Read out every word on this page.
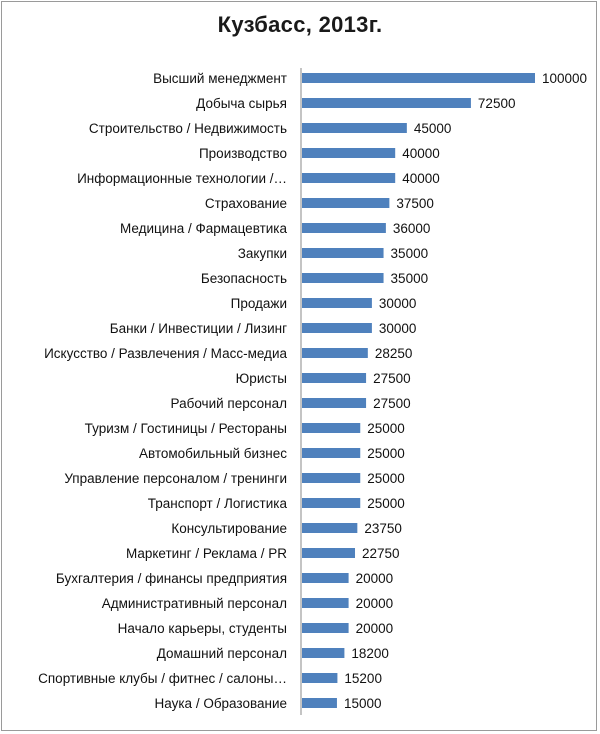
Кузбасс, 2013г.
Высший менеджмент	100000
Добыча сырья	72500
Строительство / Недвижимость	45000
Производство	40000
Информационные технологии /…	40000
Страхование	37500
Медицина / Фармацевтика	36000
Закупки	35000
Безопасность	35000
Продажи	30000
Банки / Инвестиции / Лизинг	30000
Искусство / Развлечения / Масс-медиа	28250
Юристы	27500
Рабочий персонал	27500
Туризм / Гостиницы / Рестораны	25000
Автомобильный бизнес	25000
Управление персоналом / тренинги	25000
Транспорт / Логистика	25000
Консультирование	23750
Маркетинг / Реклама / PR	22750
Бухгалтерия / финансы предприятия	20000
Административный персонал	20000
Начало карьеры, студенты	20000
Домашний персонал	18200
Спортивные клубы / фитнес / салоны…	15200
Наука / Образование	15000
